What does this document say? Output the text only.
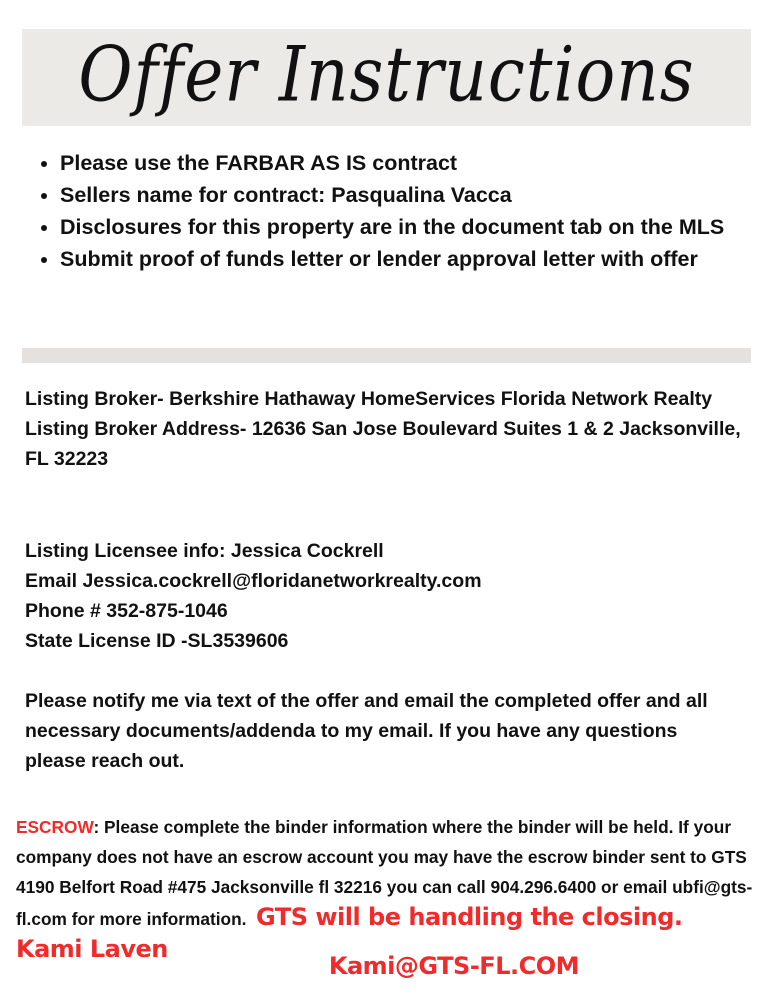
Offer Instructions
• Please use the FARBAR AS IS contract
• Sellers name for contract: Pasqualina Vacca
• Disclosures for this property are in the document tab on the MLS
• Submit proof of funds letter or lender approval letter with offer

Listing Broker- Berkshire Hathaway HomeServices Florida Network Realty

Listing Broker Address- 12636 San Jose Boulevard Suites 1 & 2 Jacksonville, FL 32223

Listing Licensee info: Jessica Cockrell

Email Jessica.cockrell@floridanetworkrealty.com

Phone # 352-875-1046

State License ID -SL3539606

Please notify me via text of the offer and email the completed offer and all necessary documents/addenda to my email. If you have any questions please reach out.
ESCROW: Please complete the binder information where the binder will be held. If your company does not have an escrow account you may have the escrow binder sent to GTS 4190 Belfort Road #475 Jacksonville fl 32216 you can call 904.296.6400 or email ubfi@gts-fl.com for more information. GTS will be handling the closing. Kami Laven
Kami@GTS-FL.COM
